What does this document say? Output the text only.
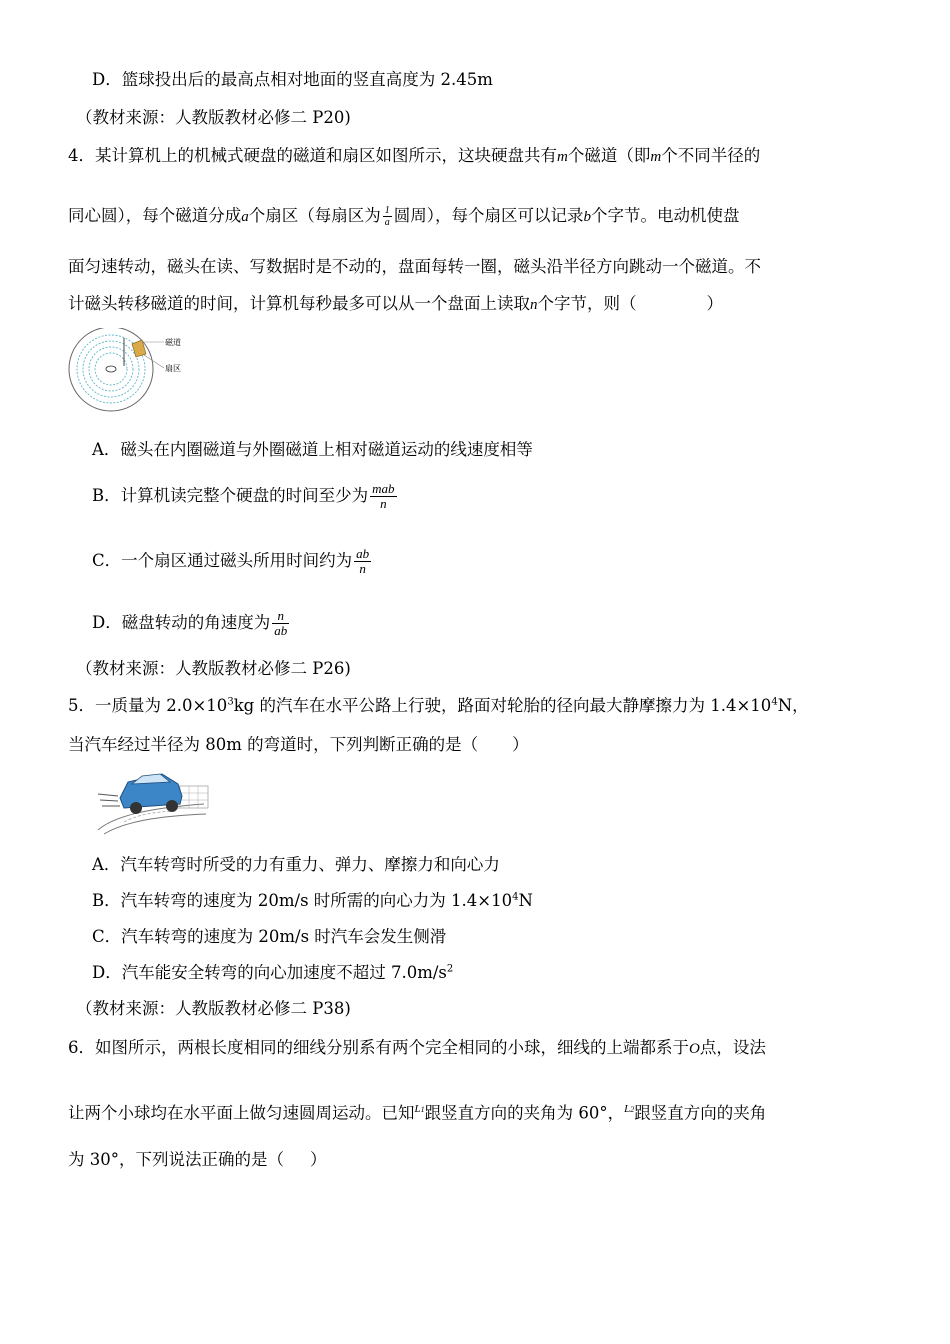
D．篮球投出后的最高点相对地面的竖直高度为 2.45m
（教材来源：人教版教材必修二 P20)
4．某计算机上的机械式硬盘的磁道和扇区如图所示，这块硬盘共有m个磁道（即m个不同半径的
同心圆），每个磁道分成a个扇区（每扇区为 $\frac{1}{a}$ 圆周），每个扇区可以记录b个字节。电动机使盘
面匀速转动，磁头在读、写数据时是不动的，盘面每转一圈，磁头沿半径方向跳动一个磁道。不
计磁头转移磁道的时间，计算机每秒最多可以从一个盘面上读取n个字节，则（	）
磁道
扇区
A．磁头在内圈磁道与外圈磁道上相对磁道运动的线速度相等
B．计算机读完整个硬盘的时间至少为 $\frac{\text{mab}}{n}$
C．一个扇区通过磁头所用时间约为 $\frac{ab}{n}$
D．磁盘转动的角速度为 $\frac{n}{ab}$
（教材来源：人教版教材必修二 P26)
5．一质量为 $2.0\times 10^3kg$ 的汽车在水平公路上行驶，路面对轮胎的径向最大静摩擦力为 $1.4\times 10^4N$，
当汽车经过半径为 80m 的弯道时，下列判断正确的是（ ）
A．汽车转弯时所受的力有重力、弹力、摩擦力和向心力
B．汽车转弯的速度为 20m/s 时所需的向心力为 $1.4\times 10^4N$
C．汽车转弯的速度为 20m/s 时汽车会发生侧滑
D．汽车能安全转弯的向心加速度不超过 $7.0m/s^2$
（教材来源：人教版教材必修二 P38)
6．如图所示，两根长度相同的细线分别系有两个完全相同的小球，细线的上端都系于O点，设法
让两个小球均在水平面上做匀速圆周运动。已知$^{L1}$跟竖直方向的夹角为 60°，$^{L2}$跟竖直方向的夹角
为 30°，下列说法正确的是（ ）
